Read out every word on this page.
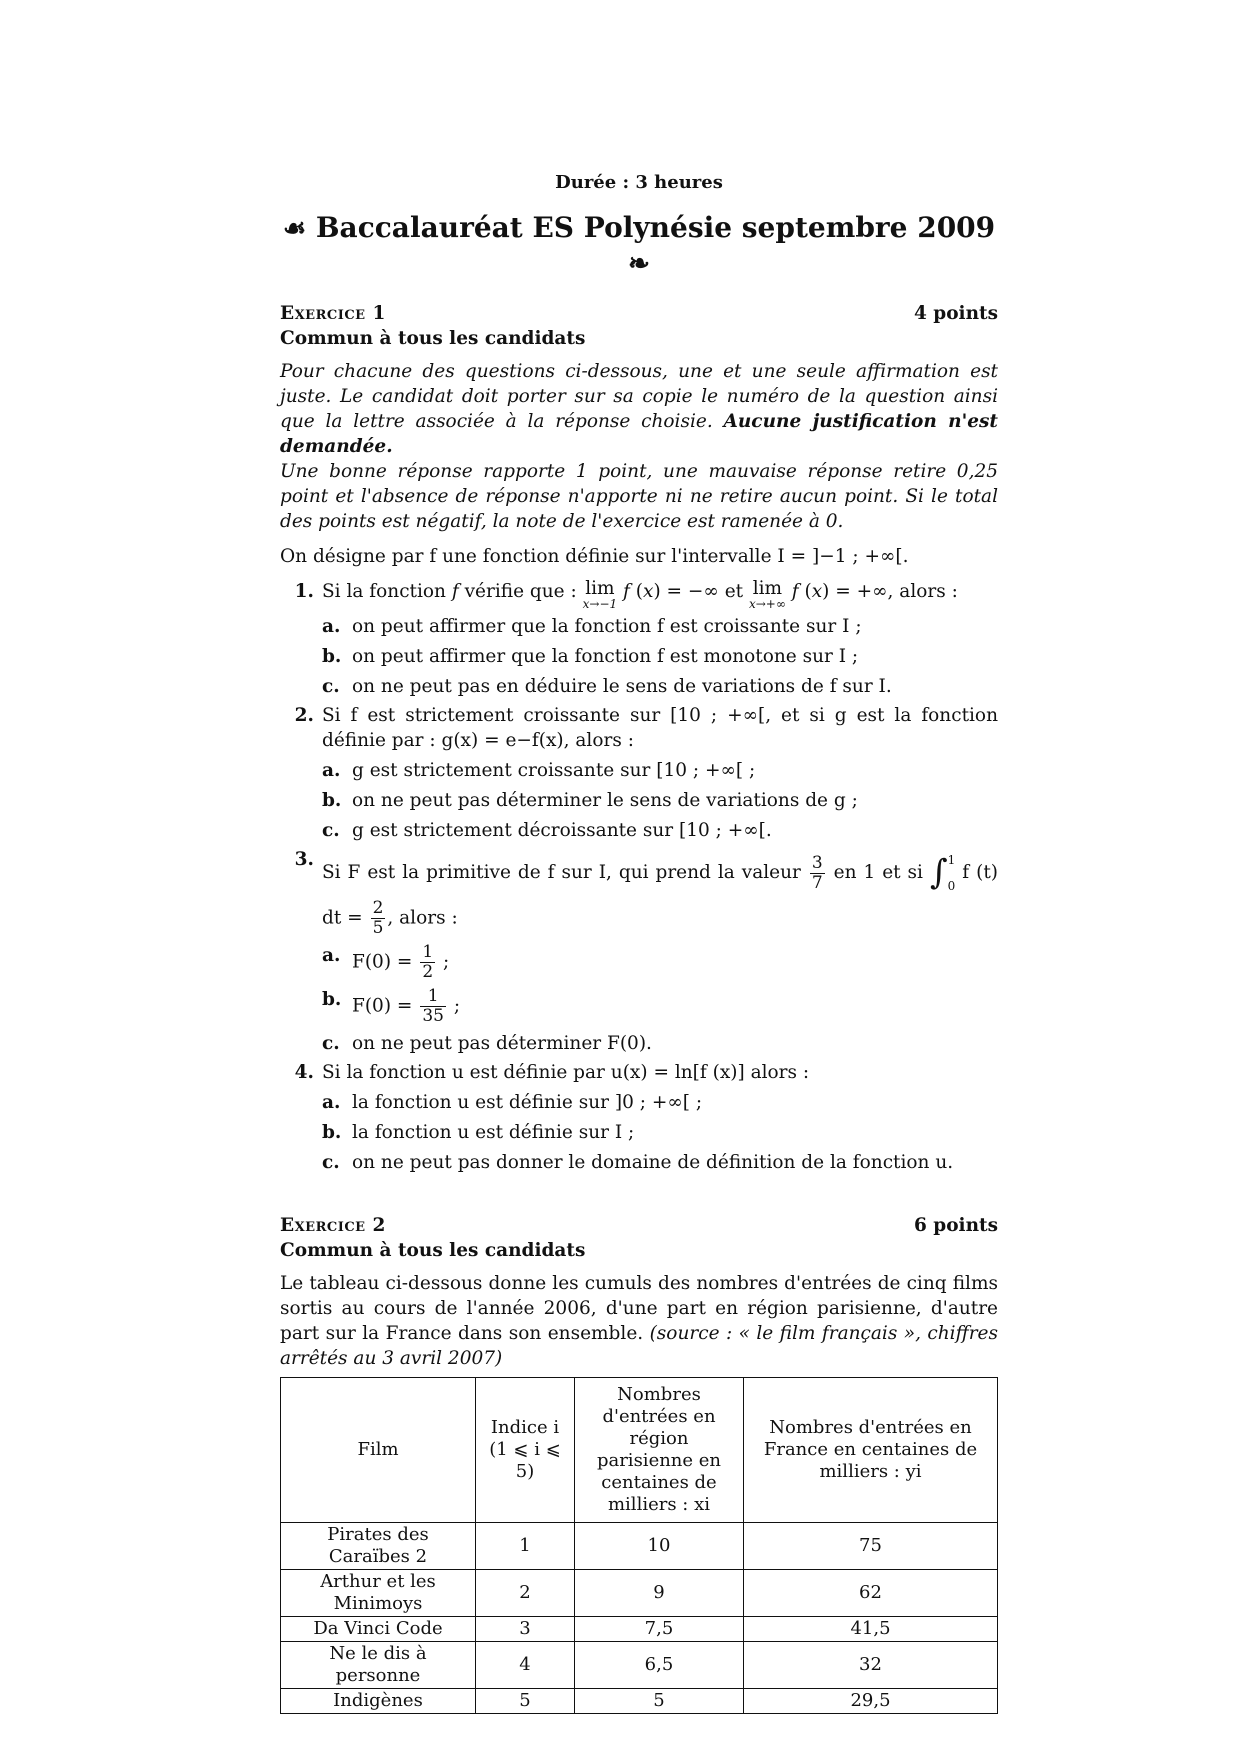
Durée : 3 heures
☙ Baccalauréat ES Polynésie septembre 2009 ❧
Exercice 1	4 points
Commun à tous les candidats
Pour chacune des questions ci-dessous, une et une seule affirmation est juste. Le candidat doit porter sur sa copie le numéro de la question ainsi que la lettre associée à la réponse choisie. Aucune justification n'est demandée.
Une bonne réponse rapporte 1 point, une mauvaise réponse retire 0,25 point et l'absence de réponse n'apporte ni ne retire aucun point. Si le total des points est négatif, la note de l'exercice est ramenée à 0.
On désigne par f une fonction définie sur l'intervalle I = ]−1 ; +∞[.
1. Si la fonction f vérifie que : lim
x→−1
f (x) = −∞ et lim
x→+∞
f (x) = +∞, alors :
a. on peut affirmer que la fonction f est croissante sur I ;
b. on peut affirmer que la fonction f est monotone sur I ;
c. on ne peut pas en déduire le sens de variations de f sur I.
2. Si f est strictement croissante sur [10 ; +∞[, et si g est la fonction définie par : g(x) = e−f(x), alors :
a. g est strictement croissante sur [10 ; +∞[ ;
b. on ne peut pas déterminer le sens de variations de g ;
c. g est strictement décroissante sur [10 ; +∞[.
3.
Si F est la primitive de f sur I, qui prend la valeur $\frac{3}{7}$ en 1 et si ∫ 1
0
f (t) dt = $\frac{2}{5}$ , alors :
a. $F(0) = \frac{1}{2}$ ;
b. $F(0) = \frac{1}{35}$ ;
c. on ne peut pas déterminer F(0).
4. Si la fonction u est définie par u(x) = ln[f (x)] alors :
a. la fonction u est définie sur ]0 ; +∞[ ;
b. la fonction u est définie sur I ;
c. on ne peut pas donner le domaine de définition de la fonction u.
Exercice 2	6 points
Commun à tous les candidats
Le tableau ci-dessous donne les cumuls des nombres d'entrées de cinq films sortis au cours de l'année 2006, d'une part en région parisienne, d'autre part sur la France dans son ensemble. (source : « le film français », chiffres arrêtés au 3 avril 2007)
Film	Indice i (1 ⩽ i ⩽ 5)	Nombres d'entrées en région parisienne en centaines de milliers : xi	Nombres d'entrées en France en centaines de milliers : yi
Pirates des Caraïbes 2	1	10	75
Arthur et les Minimoys	2	9	62
Da Vinci Code	3	7,5	41,5
Ne le dis à personne	4	6,5	32
Indigènes	5	5	29,5
